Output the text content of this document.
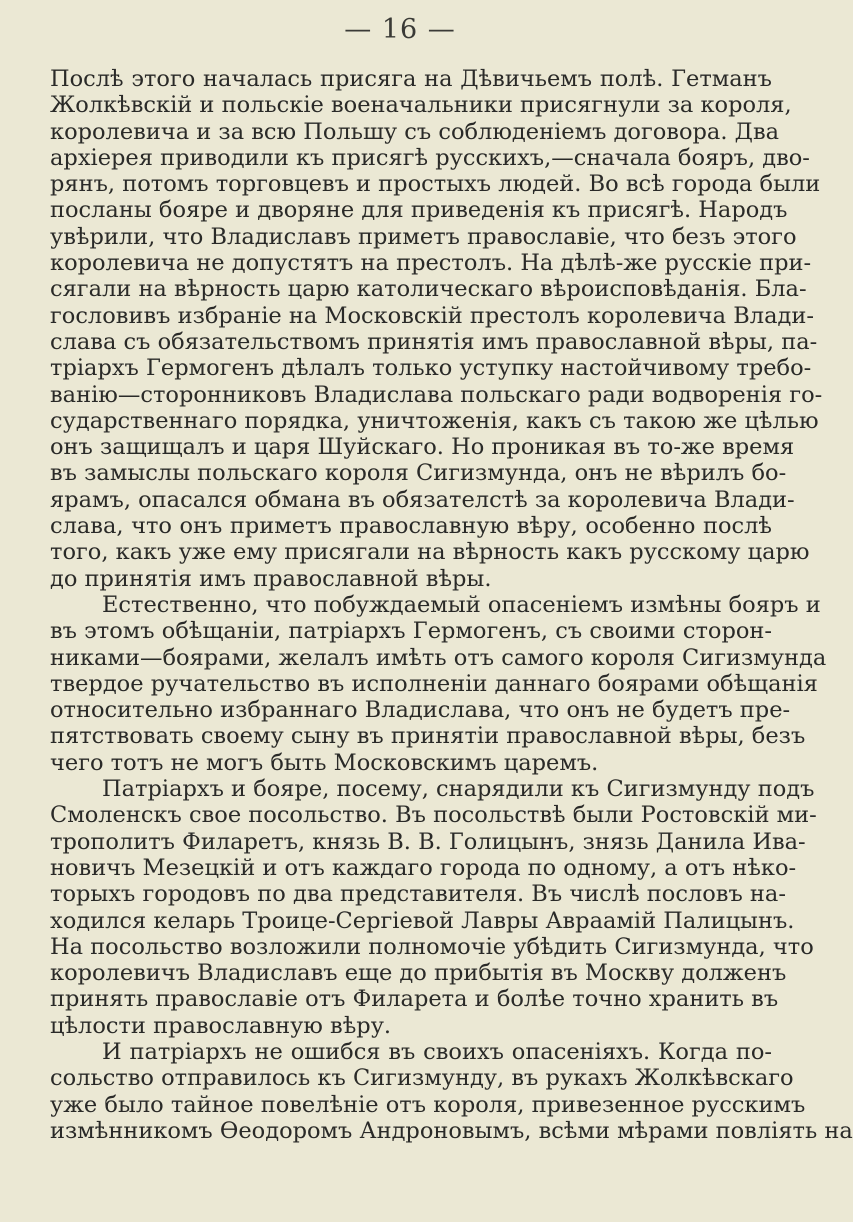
— 16 —
Послѣ этого началась присяга на Дѣвичьемъ полѣ. Гетманъ
Жолкѣвскій и польскіе военачальники присягнули за короля,
королевича и за всю Польшу съ соблюденіемъ договора. Два
архіерея приводили къ присягѣ русскихъ,—сначала бояръ, дво-
рянъ, потомъ торговцевъ и простыхъ людей. Во всѣ города были
посланы бояре и дворяне для приведенія къ присягѣ. Народъ
увѣрили, что Владиславъ приметъ православіе, что безъ этого
королевича не допустятъ на престолъ. На дѣлѣ-же русскіе при-
сягали на вѣрность царю католическаго вѣроисповѣданія. Бла-
гословивъ избраніе на Московскій престолъ королевича Влади-
слава съ обязательствомъ принятія имъ православной вѣры, па-
тріархъ Гермогенъ дѣлалъ только уступку настойчивому требо-
ванію—сторонниковъ Владислава польскаго ради водворенія го-
сударственнаго порядка, уничтоженія, какъ съ такою же цѣлью
онъ защищалъ и царя Шуйскаго. Но проникая въ то-же время
въ замыслы польскаго короля Сигизмунда, онъ не вѣрилъ бо-
ярамъ, опасался обмана въ обязателстѣ за королевича Влади-
слава, что онъ приметъ православную вѣру, особенно послѣ
того, какъ уже ему присягали на вѣрность какъ русскому царю
до принятія имъ православной вѣры.
Естественно, что побуждаемый опасеніемъ измѣны бояръ и
въ этомъ обѣщаніи, патріархъ Гермогенъ, съ своими сторон-
никами—боярами, желалъ имѣть отъ самого короля Сигизмунда
твердое ручательство въ исполненіи даннаго боярами обѣщанія
относительно избраннаго Владислава, что онъ не будетъ пре-
пятствовать своему сыну въ принятіи православной вѣры, безъ
чего тотъ не могъ быть Московскимъ царемъ.
Патріархъ и бояре, посему, снарядили къ Сигизмунду подъ
Смоленскъ свое посольство. Въ посольствѣ были Ростовскій ми-
трополитъ Филаретъ, князь В. В. Голицынъ, знязь Данила Ива-
новичъ Мезецкій и отъ каждаго города по одному, а отъ нѣко-
торыхъ городовъ по два представителя. Въ числѣ пословъ на-
ходился келарь Троице-Сергіевой Лавры Авраамій Палицынъ.
На посольство возложили полномочіе убѣдить Сигизмунда, что
королевичъ Владиславъ еще до прибытія въ Москву долженъ
принять православіе отъ Филарета и болѣе точно хранить въ
цѣлости православную вѣру.
И патріархъ не ошибся въ своихъ опасеніяхъ. Когда по-
сольство отправилось къ Сигизмунду, въ рукахъ Жолкѣвскаго
уже было тайное повелѣніе отъ короля, привезенное русскимъ
измѣнникомъ Ѳеодоромъ Андроновымъ, всѣми мѣрами повліять на
